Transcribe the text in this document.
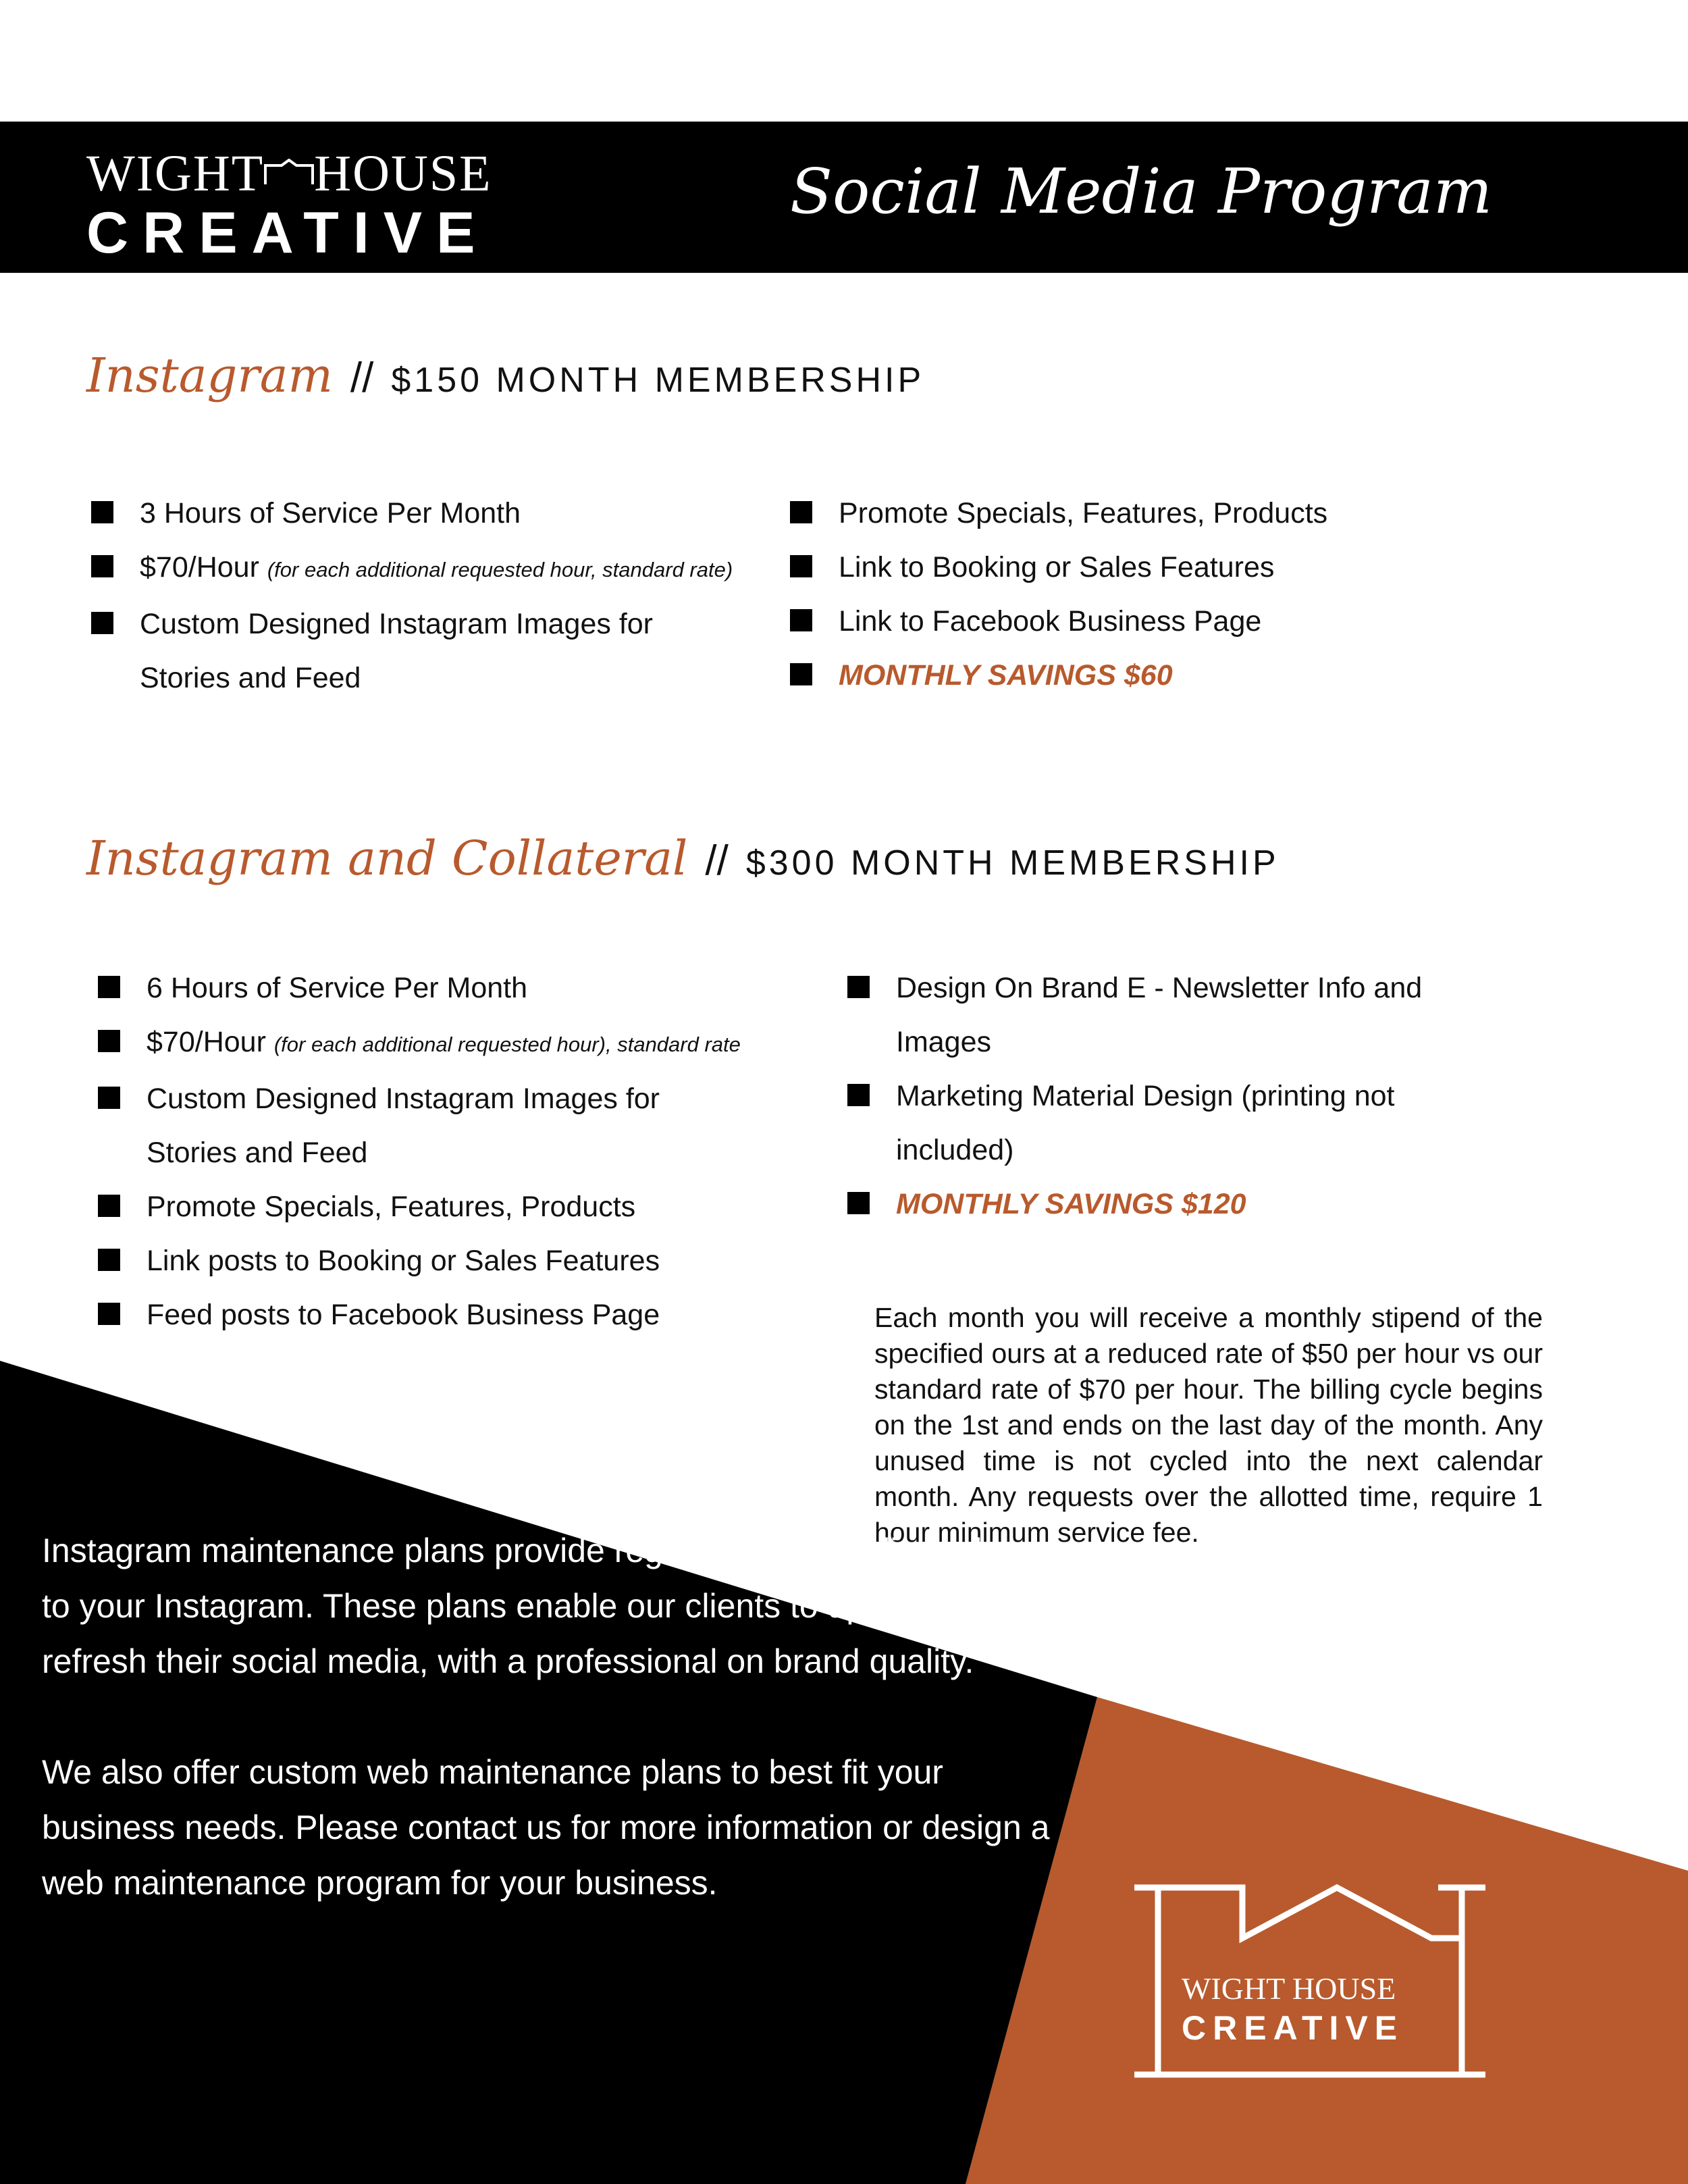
WIGHT HOUSE
CREATIVE
Social Media Program
Instagram // $150 MONTH MEMBERSHIP
3 Hours of Service Per Month
$70/Hour (for each additional requested hour, standard rate)
Custom Designed Instagram Images for Stories and Feed
Promote Specials, Features, Products
Link to Booking or Sales Features
Link to Facebook Business Page
MONTHLY SAVINGS $60
Instagram and Collateral // $300 MONTH MEMBERSHIP
6 Hours of Service Per Month
$70/Hour (for each additional requested hour), standard rate
Custom Designed Instagram Images for Stories and Feed
Promote Specials, Features, Products
Link posts to Booking or Sales Features
Feed posts to Facebook Business Page
Design On Brand E - Newsletter Info and Images
Marketing Material Design (printing not included)
MONTHLY SAVINGS $120
Each month you will receive a monthly stipend of the specified ours at a reduced rate of $50 per hour vs our standard rate of $70 per hour. The billing cycle begins on the 1st and ends on the last day of the month. Any unused time is not cycled into the next calendar month. Any requests over the allotted time, require 1 hour minimum service fee.

Instagram maintenance plans provide regular social media updates to your Instagram. These plans enable our clients to update and refresh their social media, with a professional on brand quality.

We also offer custom web maintenance plans to best fit your business needs. Please contact us for more information or design a web maintenance program for your business.

WIGHT HOUSE
CREATIVE
